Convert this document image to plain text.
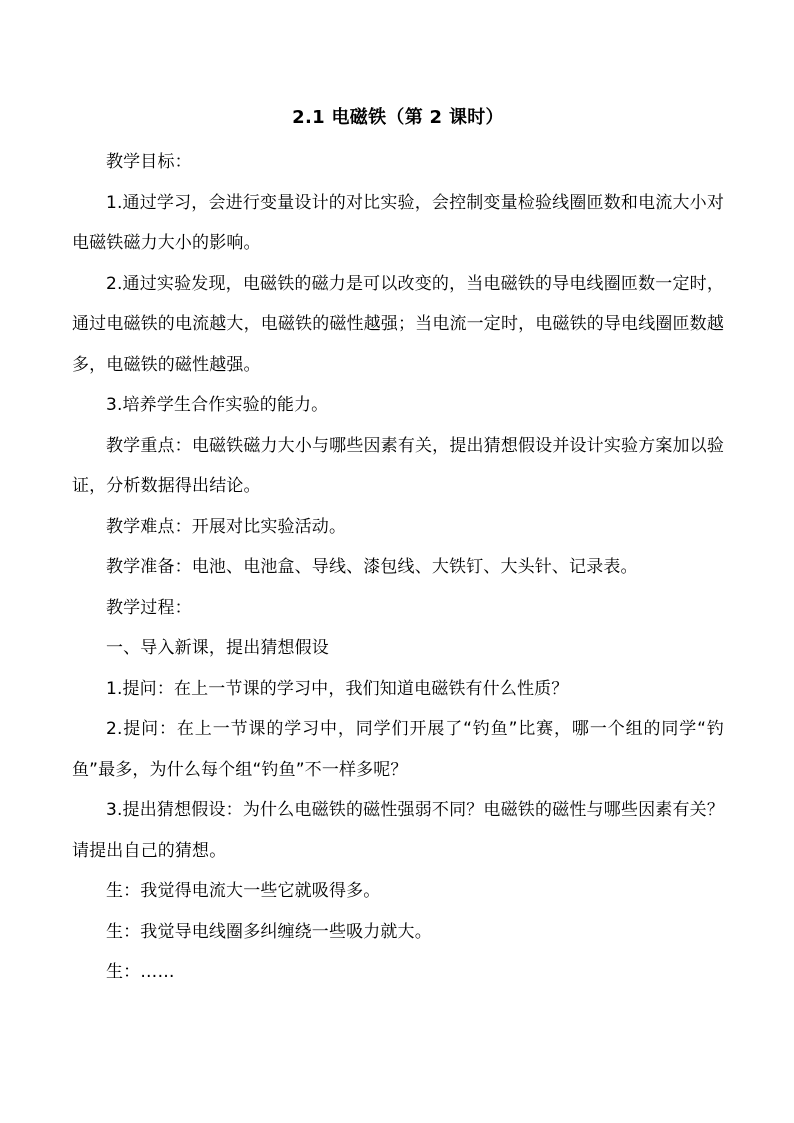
2.1 电磁铁（第 2 课时）

教学目标：

1.通过学习，会进行变量设计的对比实验，会控制变量检验线圈匝数和电流大小对电磁铁磁力大小的影响。

2.通过实验发现，电磁铁的磁力是可以改变的，当电磁铁的导电线圈匝数一定时，通过电磁铁的电流越大，电磁铁的磁性越强；当电流一定时，电磁铁的导电线圈匝数越多，电磁铁的磁性越强。

3.培养学生合作实验的能力。

教学重点：电磁铁磁力大小与哪些因素有关，提出猜想假设并设计实验方案加以验证，分析数据得出结论。

教学难点：开展对比实验活动。

教学准备：电池、电池盒、导线、漆包线、大铁钉、大头针、记录表。

教学过程：

一、导入新课，提出猜想假设

1.提问：在上一节课的学习中，我们知道电磁铁有什么性质？

2.提问：在上一节课的学习中，同学们开展了“钓鱼”比赛，哪一个组的同学“钓鱼”最多，为什么每个组“钓鱼”不一样多呢？

3.提出猜想假设：为什么电磁铁的磁性强弱不同？电磁铁的磁性与哪些因素有关？请提出自己的猜想。

生：我觉得电流大一些它就吸得多。

生：我觉导电线圈多纠缠绕一些吸力就大。

生：……
